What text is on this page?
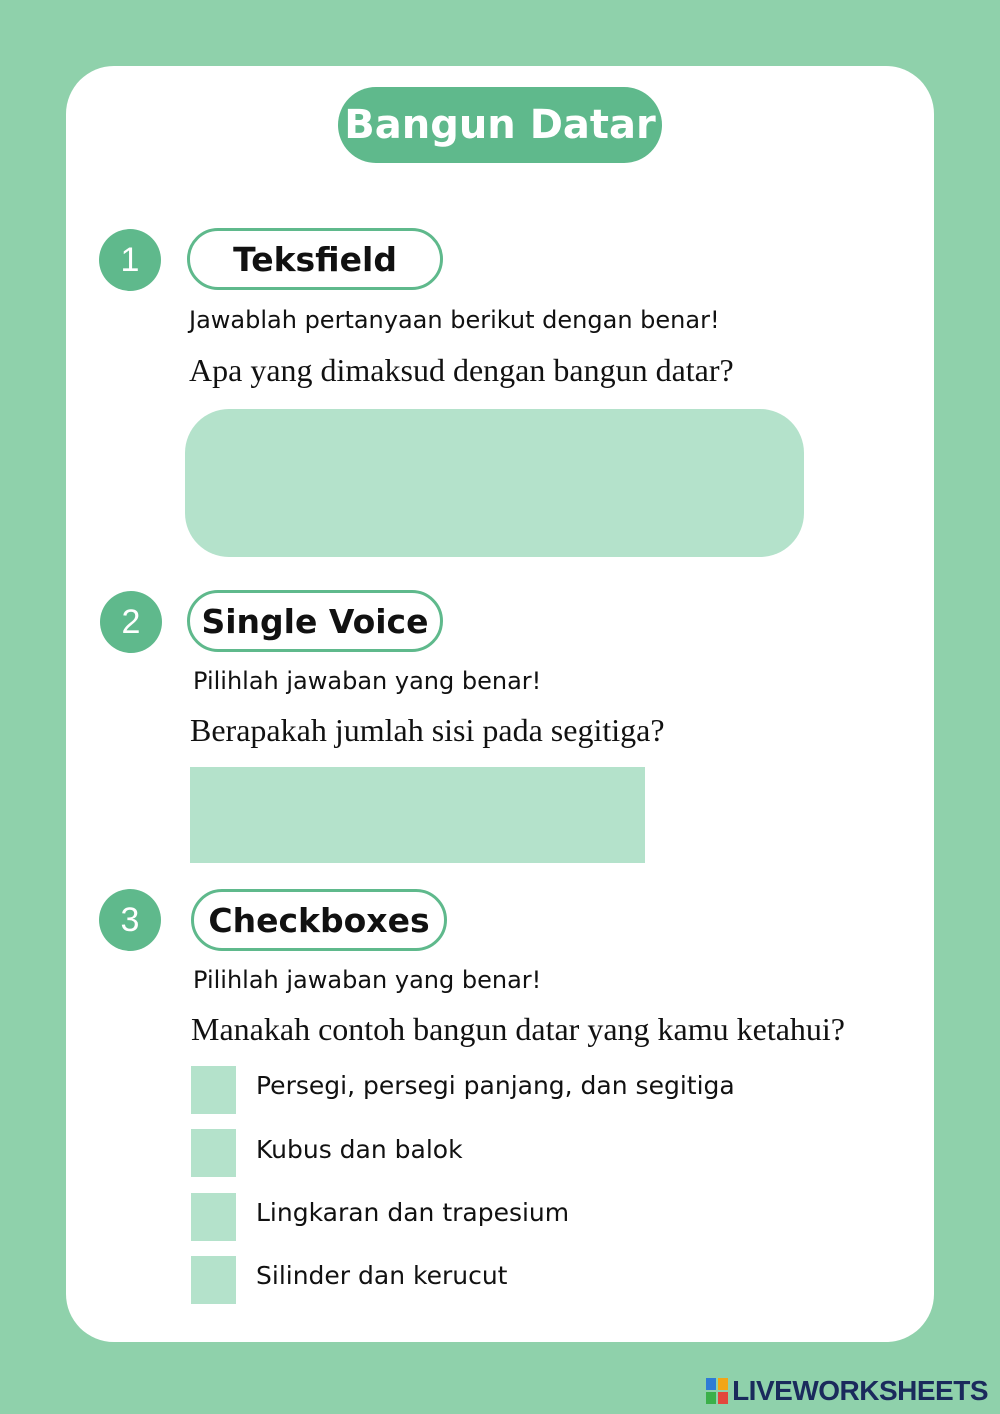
Bangun Datar
1	Teksfield
Jawablah pertanyaan berikut dengan benar!
Apa yang dimaksud dengan bangun datar?
2	Single Voice
Pilihlah jawaban yang benar!
Berapakah jumlah sisi pada segitiga?
3	Checkboxes
Pilihlah jawaban yang benar!
Manakah contoh bangun datar yang kamu ketahui?
Persegi, persegi panjang, dan segitiga
Kubus dan balok
Lingkaran dan trapesium
Silinder dan kerucut
LIVEWORKSHEETS
